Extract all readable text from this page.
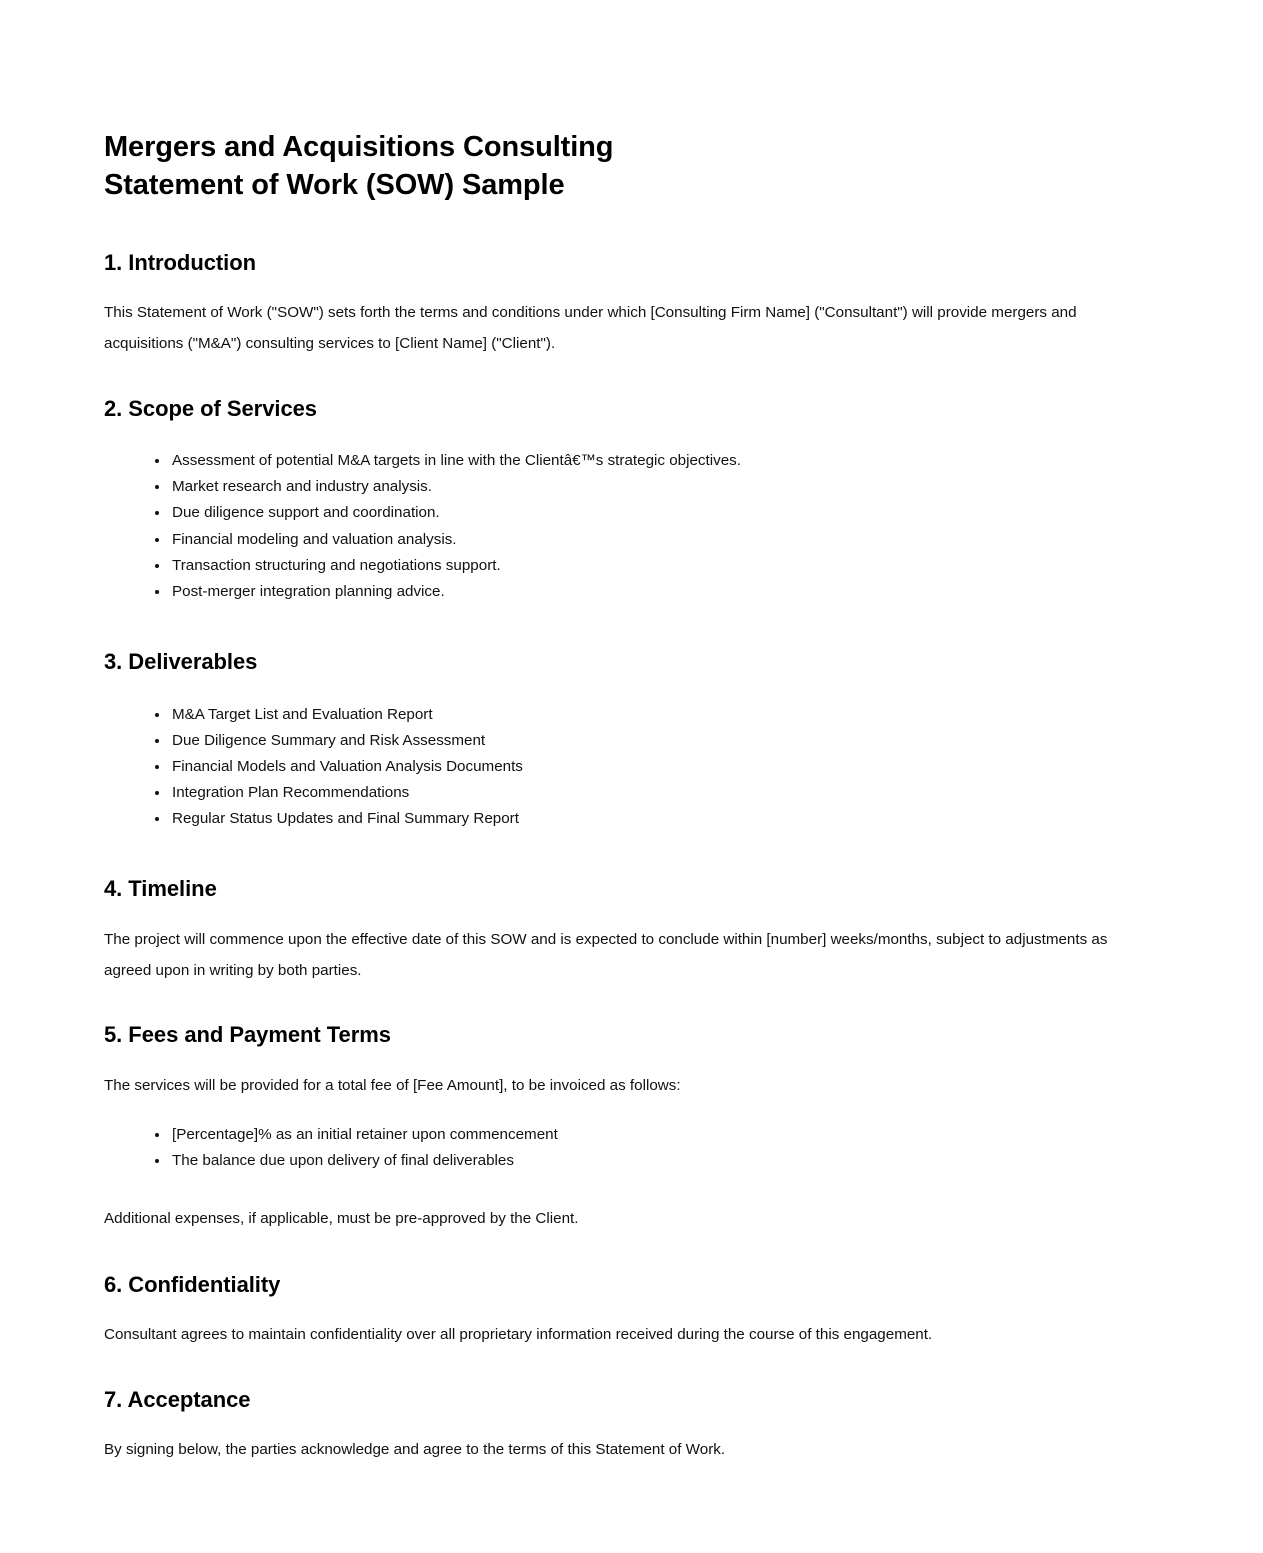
Mergers and Acquisitions Consulting
Statement of Work (SOW) Sample
1. Introduction

This Statement of Work ("SOW") sets forth the terms and conditions under which [Consulting Firm Name] ("Consultant") will provide mergers and acquisitions ("M&A") consulting services to [Client Name] ("Client").

2. Scope of Services
• Assessment of potential M&A targets in line with the Clientâ€™s strategic objectives.
• Market research and industry analysis.
• Due diligence support and coordination.
• Financial modeling and valuation analysis.
• Transaction structuring and negotiations support.
• Post-merger integration planning advice.
3. Deliverables
• M&A Target List and Evaluation Report
• Due Diligence Summary and Risk Assessment
• Financial Models and Valuation Analysis Documents
• Integration Plan Recommendations
• Regular Status Updates and Final Summary Report
4. Timeline

The project will commence upon the effective date of this SOW and is expected to conclude within [number] weeks/months, subject to adjustments as agreed upon in writing by both parties.

5. Fees and Payment Terms

The services will be provided for a total fee of [Fee Amount], to be invoiced as follows:

• [Percentage]% as an initial retainer upon commencement
• The balance due upon delivery of final deliverables

Additional expenses, if applicable, must be pre-approved by the Client.

6. Confidentiality

Consultant agrees to maintain confidentiality over all proprietary information received during the course of this engagement.

7. Acceptance

By signing below, the parties acknowledge and agree to the terms of this Statement of Work.
